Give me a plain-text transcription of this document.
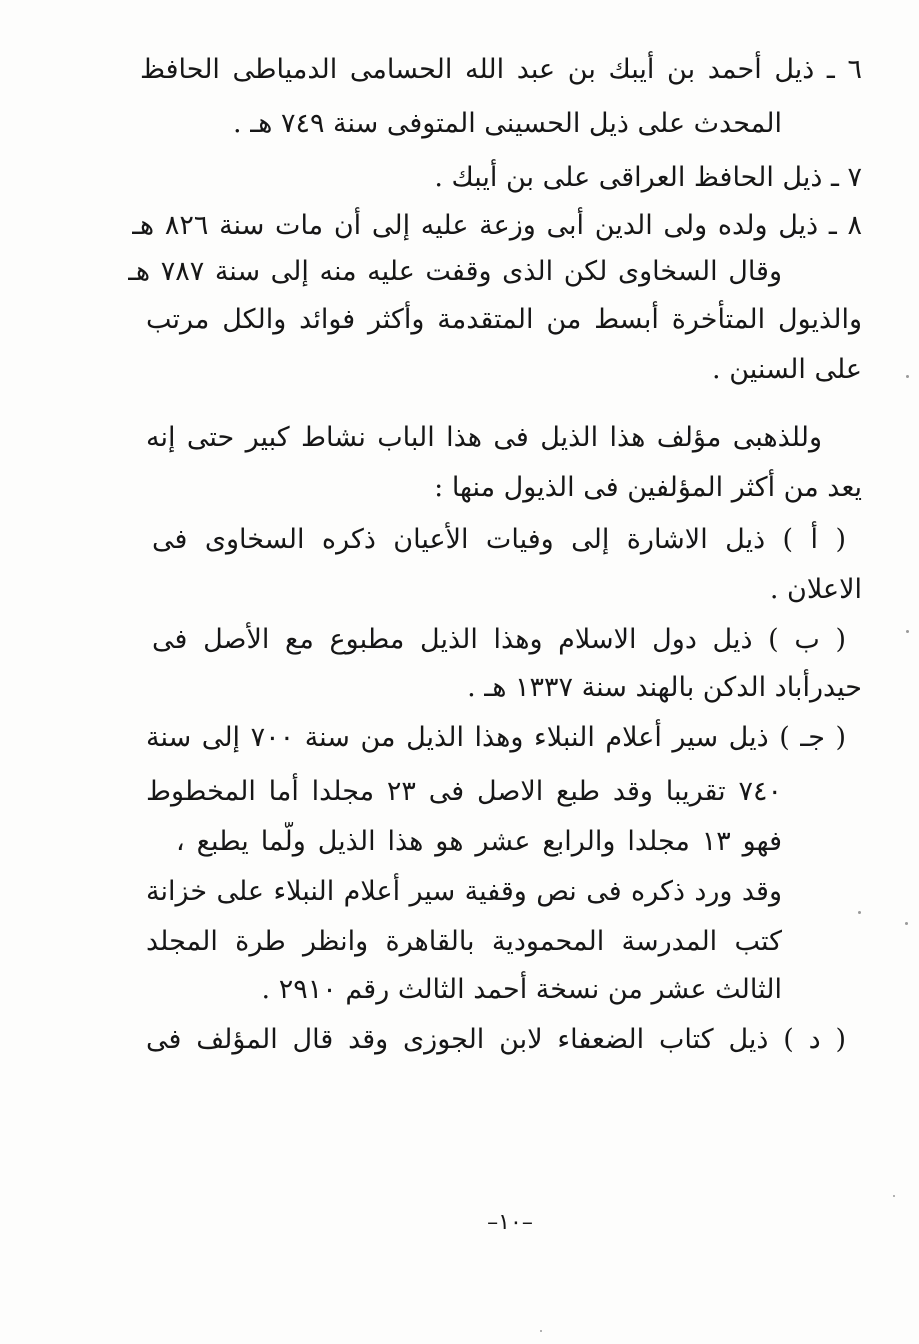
٦ ـ ذيل أحمد بن أيبك بن عبد الله الحسامى الدمياطى الحافظ
المحدث على ذيل الحسينى المتوفى سنة ٧٤٩ هـ .
٧ ـ ذيل الحافظ العراقى على بن أيبك .
٨ ـ ذيل ولده ولى الدين أبى وزعة عليه إلى أن مات سنة ٨٢٦ هـ
وقال السخاوى لكن الذى وقفت عليه منه إلى سنة ٧٨٧ هـ
والذيول المتأخرة أبسط من المتقدمة وأكثر فوائد والكل مرتب
على السنين .
وللذهبى مؤلف هذا الذيل فى هذا الباب نشاط كبير حتى إنه
يعد من أكثر المؤلفين فى الذيول منها :
( أ ) ذيل الاشارة إلى وفيات الأعيان ذكره السخاوى فى
الاعلان .
( ب ) ذيل دول الاسلام وهذا الذيل مطبوع مع الأصل فى
حيدرأباد الدكن بالهند سنة ١٣٣٧ هـ .
( جـ ) ذيل سير أعلام النبلاء وهذا الذيل من سنة ٧٠٠ إلى سنة
٧٤٠ تقريبا وقد طبع الاصل فى ٢٣ مجلدا أما المخطوط
فهو ١٣ مجلدا والرابع عشر هو هذا الذيل ولّما يطبع ،
وقد ورد ذكره فى نص وقفية سير أعلام النبلاء على خزانة
كتب المدرسة المحمودية بالقاهرة وانظر طرة المجلد
الثالث عشر من نسخة أحمد الثالث رقم ٢٩١٠ .
( د ) ذيل كتاب الضعفاء لابن الجوزى وقد قال المؤلف فى
–١٠–
